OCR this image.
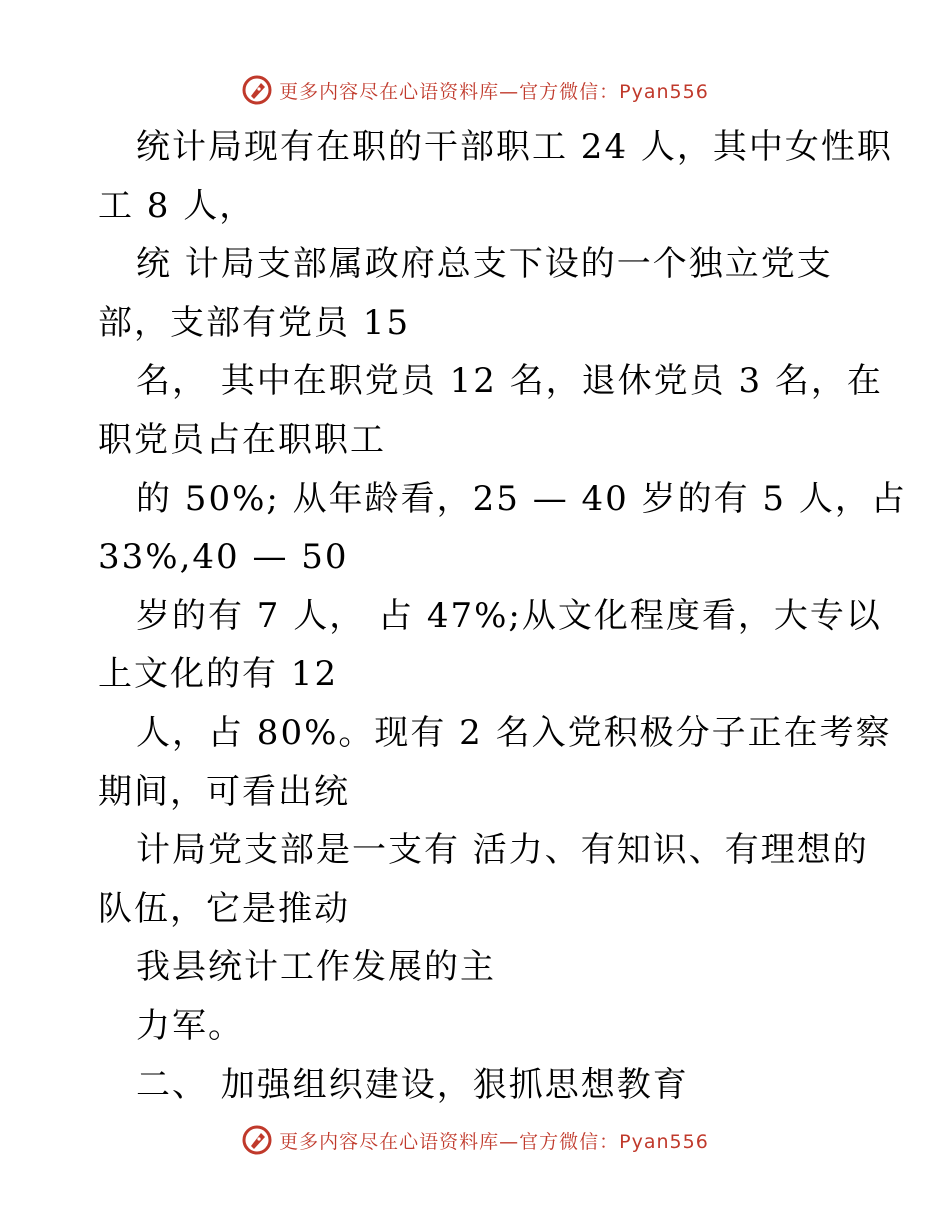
更多内容尽在心语资料库—官方微信：Pyan556
统计局现有在职的干部职工 24 人，其中女性职
工 8 人，
统 计局支部属政府总支下设的一个独立党支
部，支部有党员 15
名， 其中在职党员 12 名，退休党员 3 名，在
职党员占在职职工
的 50%; 从年龄看，25 — 40 岁的有 5 人，占
33%,40 — 50
岁的有 7 人， 占 47%;从文化程度看，大专以
上文化的有 12
人，占 80%。现有 2 名入党积极分子正在考察
期间，可看出统
计局党支部是一支有 活力、有知识、有理想的
队伍，它是推动
我县统计工作发展的主
力军。
二、 加强组织建设，狠抓思想教育
更多内容尽在心语资料库—官方微信：Pyan556
